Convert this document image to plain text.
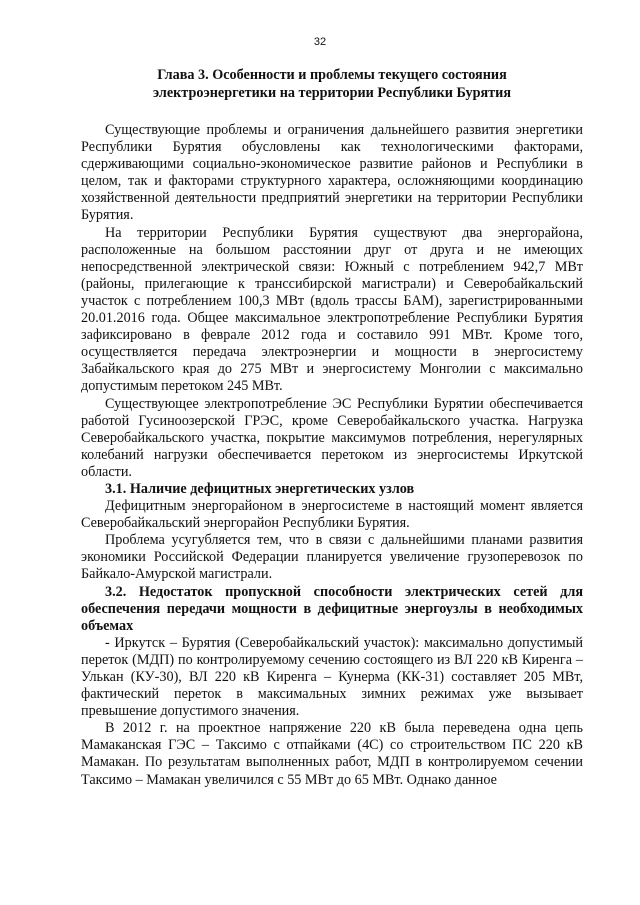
32
Глава 3. Особенности и проблемы текущего состояния
электроэнергетики на территории Республики Бурятия

Существующие проблемы и ограничения дальнейшего развития энергетики Республики Бурятия обусловлены как технологическими факторами, сдерживающими социально-экономическое развитие районов и Республики в целом, так и факторами структурного характера, осложняющими координацию хозяйственной деятельности предприятий энергетики на территории Республики Бурятия.

На территории Республики Бурятия существуют два энергорайона, расположенные на большом расстоянии друг от друга и не имеющих непосредственной электрической связи: Южный с потреблением 942,7 МВт (районы, прилегающие к транссибирской магистрали) и Северобайкальский участок с потреблением 100,3 МВт (вдоль трассы БАМ), зарегистрированными 20.01.2016 года. Общее максимальное электропотребление Республики Бурятия зафиксировано в феврале 2012 года и составило 991 МВт. Кроме того, осуществляется передача электроэнергии и мощности в энергосистему Забайкальского края до 275 МВт и энергосистему Монголии с максимально допустимым перетоком 245 МВт.

Существующее электропотребление ЭС Республики Бурятии обеспечивается работой Гусиноозерской ГРЭС, кроме Северобайкальского участка. Нагрузка Северобайкальского участка, покрытие максимумов потребления, нерегулярных колебаний нагрузки обеспечивается перетоком из энергосистемы Иркутской области.

3.1. Наличие дефицитных энергетических узлов

Дефицитным энергорайоном в энергосистеме в настоящий момент является Северобайкальский энергорайон Республики Бурятия.

Проблема усугубляется тем, что в связи с дальнейшими планами развития экономики Российской Федерации планируется увеличение грузоперевозок по Байкало-Амурской магистрали.

3.2. Недостаток пропускной способности электрических сетей для обеспечения передачи мощности в дефицитные энергоузлы в необходимых объемах

- Иркутск – Бурятия (Северобайкальский участок): максимально допустимый переток (МДП) по контролируемому сечению состоящего из ВЛ 220 кВ Киренга – Улькан (КУ-30), ВЛ 220 кВ Киренга – Кунерма (КК-31) составляет 205 МВт, фактический переток в максимальных зимних режимах уже вызывает превышение допустимого значения.

В 2012 г. на проектное напряжение 220 кВ была переведена одна цепь Мамаканская ГЭС – Таксимо с отпайками (4С) со строительством ПС 220 кВ Мамакан. По результатам выполненных работ, МДП в контролируемом сечении Таксимо – Мамакан увеличился с 55 МВт до 65 МВт. Однако данное
